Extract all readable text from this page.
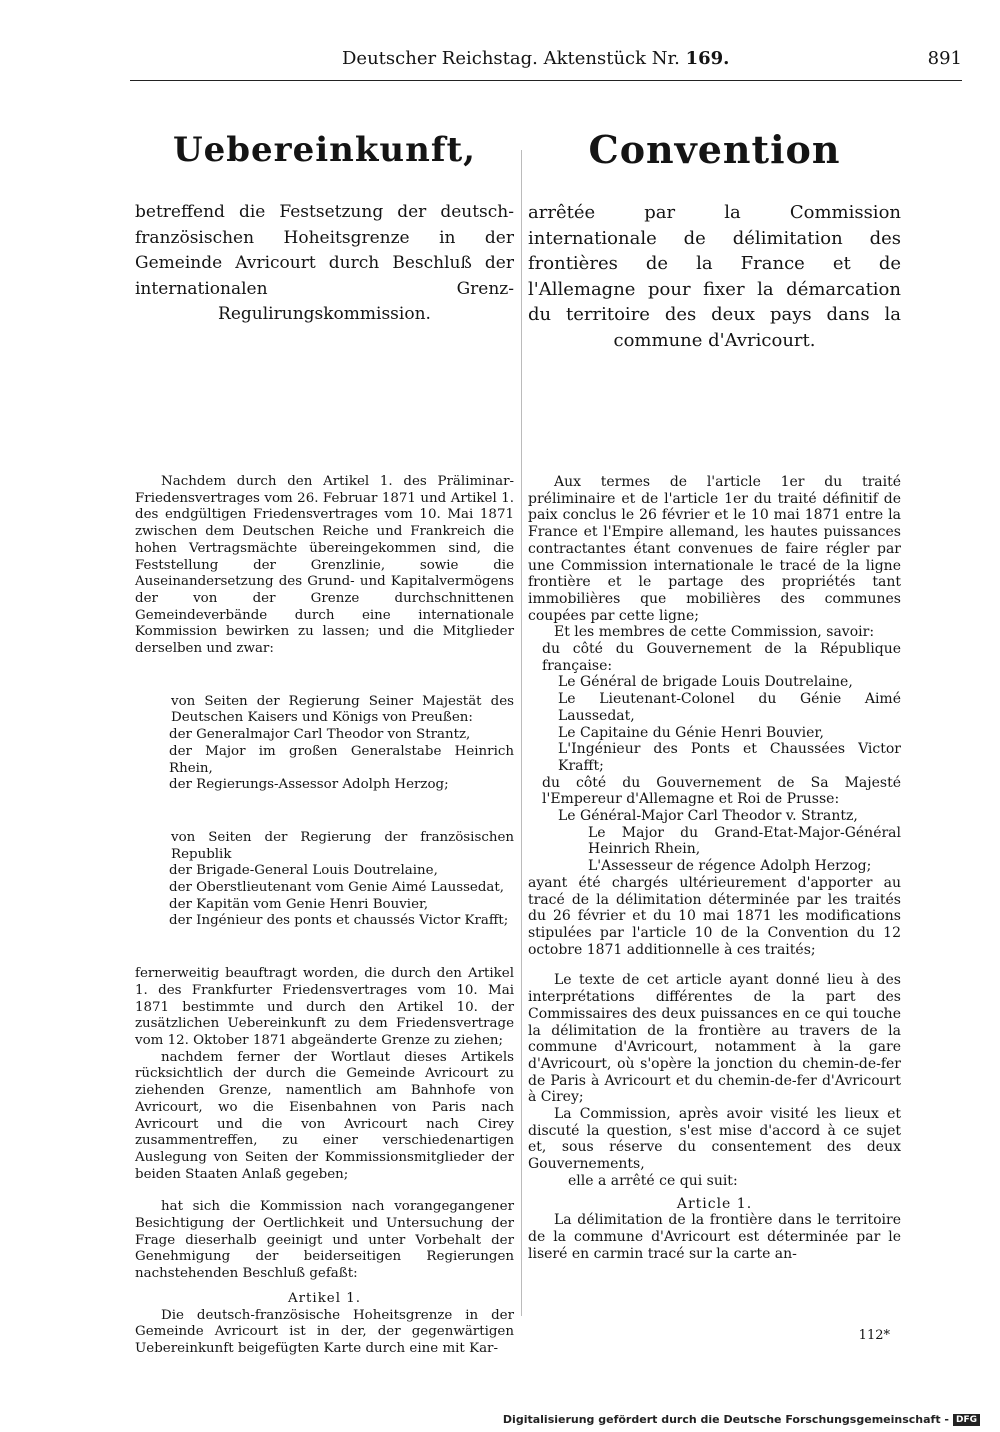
Deutscher Reichstag. Aktenstück Nr. 169.	891
Uebereinkunft,

betreffend die Festsetzung der deutsch-französischen Hoheitsgrenze in der Gemeinde Avricourt durch Beschluß der internationalen Grenz-Regulirungskommission.

Nachdem durch den Artikel 1. des Präliminar-Friedensvertrages vom 26. Februar 1871 und Artikel 1. des endgültigen Friedensvertrages vom 10. Mai 1871 zwischen dem Deutschen Reiche und Frankreich die hohen Vertragsmächte übereingekommen sind, die Feststellung der Grenzlinie, sowie die Auseinandersetzung des Grund- und Kapitalvermögens der von der Grenze durchschnittenen Gemeindeverbände durch eine internationale Kommission bewirken zu lassen; und die Mitglieder derselben und zwar:

von Seiten der Regierung Seiner Majestät des Deutschen Kaisers und Königs von Preußen:

der Generalmajor Carl Theodor von Strantz,

der Major im großen Generalstabe Heinrich Rhein,

der Regierungs-Assessor Adolph Herzog;

von Seiten der Regierung der französischen Republik

der Brigade-General Louis Doutrelaine,

der Oberstlieutenant vom Genie Aimé Laussedat,

der Kapitän vom Genie Henri Bouvier,

der Ingénieur des ponts et chaussés Victor Krafft;

fernerweitig beauftragt worden, die durch den Artikel 1. des Frankfurter Friedensvertrages vom 10. Mai 1871 bestimmte und durch den Artikel 10. der zusätzlichen Uebereinkunft zu dem Friedensvertrage vom 12. Oktober 1871 abgeänderte Grenze zu ziehen;

nachdem ferner der Wortlaut dieses Artikels rücksichtlich der durch die Gemeinde Avricourt zu ziehenden Grenze, namentlich am Bahnhofe von Avricourt, wo die Eisenbahnen von Paris nach Avricourt und die von Avricourt nach Cirey zusammentreffen, zu einer verschiedenartigen Auslegung von Seiten der Kommissionsmitglieder der beiden Staaten Anlaß gegeben;

hat sich die Kommission nach vorangegangener Besichtigung der Oertlichkeit und Untersuchung der Frage dieserhalb geeinigt und unter Vorbehalt der Genehmigung der beiderseitigen Regierungen nachstehenden Beschluß gefaßt:

Artikel 1.

Die deutsch-französische Hoheitsgrenze in der Gemeinde Avricourt ist in der, der gegenwärtigen Uebereinkunft beigefügten Karte durch eine mit Kar-

Convention

arrêtée par la Commission internationale de délimitation des frontières de la France et de l'Allemagne pour fixer la démarcation du territoire des deux pays dans la commune d'Avricourt.

Aux termes de l'article 1er du traité préliminaire et de l'article 1er du traité définitif de paix conclus le 26 février et le 10 mai 1871 entre la France et l'Empire allemand, les hautes puissances contractantes étant convenues de faire régler par une Commission internationale le tracé de la ligne frontière et le partage des propriétés tant immobilières que mobilières des communes coupées par cette ligne;

Et les membres de cette Commission, savoir:

du côté du Gouvernement de la République française:

Le Général de brigade Louis Doutrelaine,

Le Lieutenant-Colonel du Génie Aimé Laussedat,

Le Capitaine du Génie Henri Bouvier,

L'Ingénieur des Ponts et Chaussées Victor Krafft;

du côté du Gouvernement de Sa Majesté l'Empereur d'Allemagne et Roi de Prusse:

Le Général-Major Carl Theodor v. Strantz,

Le Major du Grand-Etat-Major-Général Heinrich Rhein,

L'Assesseur de régence Adolph Herzog;

ayant été chargés ultérieurement d'apporter au tracé de la délimitation déterminée par les traités du 26 février et du 10 mai 1871 les modifications stipulées par l'article 10 de la Convention du 12 octobre 1871 additionnelle à ces traités;

Le texte de cet article ayant donné lieu à des interprétations différentes de la part des Commissaires des deux puissances en ce qui touche la délimitation de la frontière au travers de la commune d'Avricourt, notamment à la gare d'Avricourt, où s'opère la jonction du chemin-de-fer de Paris à Avricourt et du chemin-de-fer d'Avricourt à Cirey;

La Commission, après avoir visité les lieux et discuté la question, s'est mise d'accord à ce sujet et, sous réserve du consentement des deux Gouvernements,

elle a arrêté ce qui suit:

Article 1.

La délimitation de la frontière dans le territoire de la commune d'Avricourt est déterminée par le liseré en carmin tracé sur la carte an-

112*
Digitalisierung gefördert durch die Deutsche Forschungsgemeinschaft - DFG
